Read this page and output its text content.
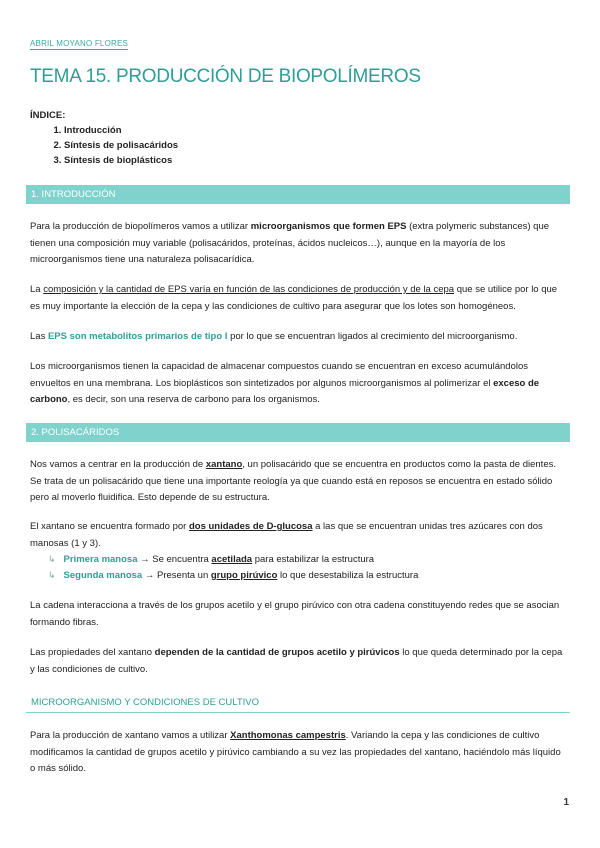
ABRIL MOYANO FLORES
TEMA 15. PRODUCCIÓN DE BIOPOLÍMEROS
ÍNDICE:
1. Introducción
2. Síntesis de polisacáridos
3. Síntesis de bioplásticos
1. INTRODUCCIÓN

Para la producción de biopolímeros vamos a utilizar microorganismos que formen EPS (extra polymeric substances) que tienen una composición muy variable (polisacáridos, proteínas, ácidos nucleicos…), aunque en la mayoría de los microorganismos tiene una naturaleza polisacarídica.

La composición y la cantidad de EPS varía en función de las condiciones de producción y de la cepa que se utilice por lo que es muy importante la elección de la cepa y las condiciones de cultivo para asegurar que los lotes son homogéneos.

Las EPS son metabolitos primarios de tipo I por lo que se encuentran ligados al crecimiento del microorganismo.

Los microorganismos tienen la capacidad de almacenar compuestos cuando se encuentran en exceso acumulándolos envueltos en una membrana. Los bioplásticos son sintetizados por algunos microorganismos al polimerizar el exceso de carbono, es decir, son una reserva de carbono para los organismos.

2. POLISACÁRIDOS

Nos vamos a centrar en la producción de xantano, un polisacárido que se encuentra en productos como la pasta de dientes. Se trata de un polisacárido que tiene una importante reología ya que cuando está en reposos se encuentra en estado sólido pero al moverlo fluidifica. Esto depende de su estructura.

El xantano se encuentra formado por dos unidades de D-glucosa a las que se encuentran unidas tres azúcares con dos manosas (1 y 3).

↳ Primera manosa → Se encuentra acetilada para estabilizar la estructura
↳ Segunda manosa → Presenta un grupo pirúvico lo que desestabiliza la estructura

La cadena interacciona a través de los grupos acetilo y el grupo pirúvico con otra cadena constituyendo redes que se asocian formando fibras.

Las propiedades del xantano dependen de la cantidad de grupos acetilo y pirúvicos lo que queda determinado por la cepa y las condiciones de cultivo.

MICROORGANISMO Y CONDICIONES DE CULTIVO

Para la producción de xantano vamos a utilizar Xanthomonas campestris. Variando la cepa y las condiciones de cultivo modificamos la cantidad de grupos acetilo y pirúvico cambiando a su vez las propiedades del xantano, haciéndolo más líquido o más sólido.

1
